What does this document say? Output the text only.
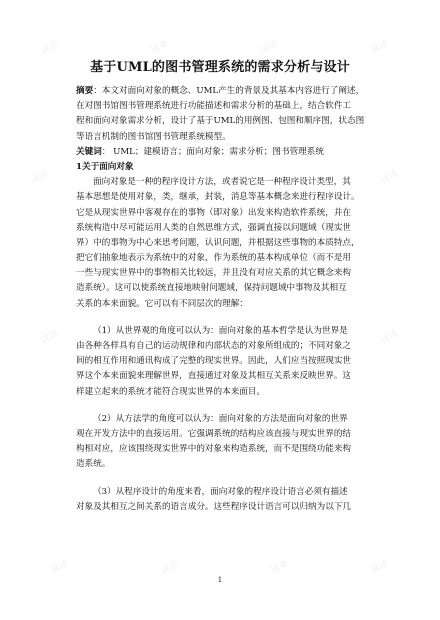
基于UML的图书管理系统的需求分析与设计
摘要：本文对面向对象的概念、UML产生的背景及其基本内容进行了阐述，
在对图书馆图书管理系统进行功能描述和需求分析的基础上，结合软件工
程和面向对象需求分析，设计了基于UML的用例图、包图和顺序图，状态图
等语言机制的图书馆图书管理系统模型。
关键词： UML；建模语言；面向对象；需求分析；图书管理系统
1关于面向对象
面向对象是一种的程序设计方法，或者说它是一种程序设计类型，其
基本思想是使用对象，类，继承，封装，消息等基本概念来进行程序设计。
它是从现实世界中客观存在的事物（即对象）出发来构造软件系统，并在
系统构造中尽可能运用人类的自然思维方式，强调直接以问题域（现实世
界）中的事物为中心来思考问题，认识问题，并根据这些事物的本质特点，
把它们抽象地表示为系统中的对象，作为系统的基本构成单位（而不是用
一些与现实世界中的事物相关比较远，并且没有对应关系的其它概念来构
造系统）。这可以使系统直接地映射问题域，保持问题域中事物及其相互
关系的本来面貌。它可以有不同层次的理解：
（1）从世界观的角度可以认为：面向对象的基本哲学是认为世界是
由各种各样具有自己的运动规律和内部状态的对象所组成的；不同对象之
间的相互作用和通讯构成了完整的现实世界。因此，人们应当按照现实世
界这个本来面貌来理解世界，直接通过对象及其相互关系来反映世界。这
样建立起来的系统才能符合现实世界的本来面目。
（2）从方法学的角度可以认为：面向对象的方法是面向对象的世界
观在开发方法中的直接运用。它强调系统的结构应该直接与现实世界的结
构相对应，应该围绕现实世界中的对象来构造系统，而不是围绕功能来构
造系统。
（3）从程序设计的角度来看，面向对象的程序设计语言必须有描述
对象及其相互之间关系的语言成分。这些程序设计语言可以归纳为以下几
1
试读	试读	试读	试读
试读	试读
试读	试读
试读	试读	试读	试读
